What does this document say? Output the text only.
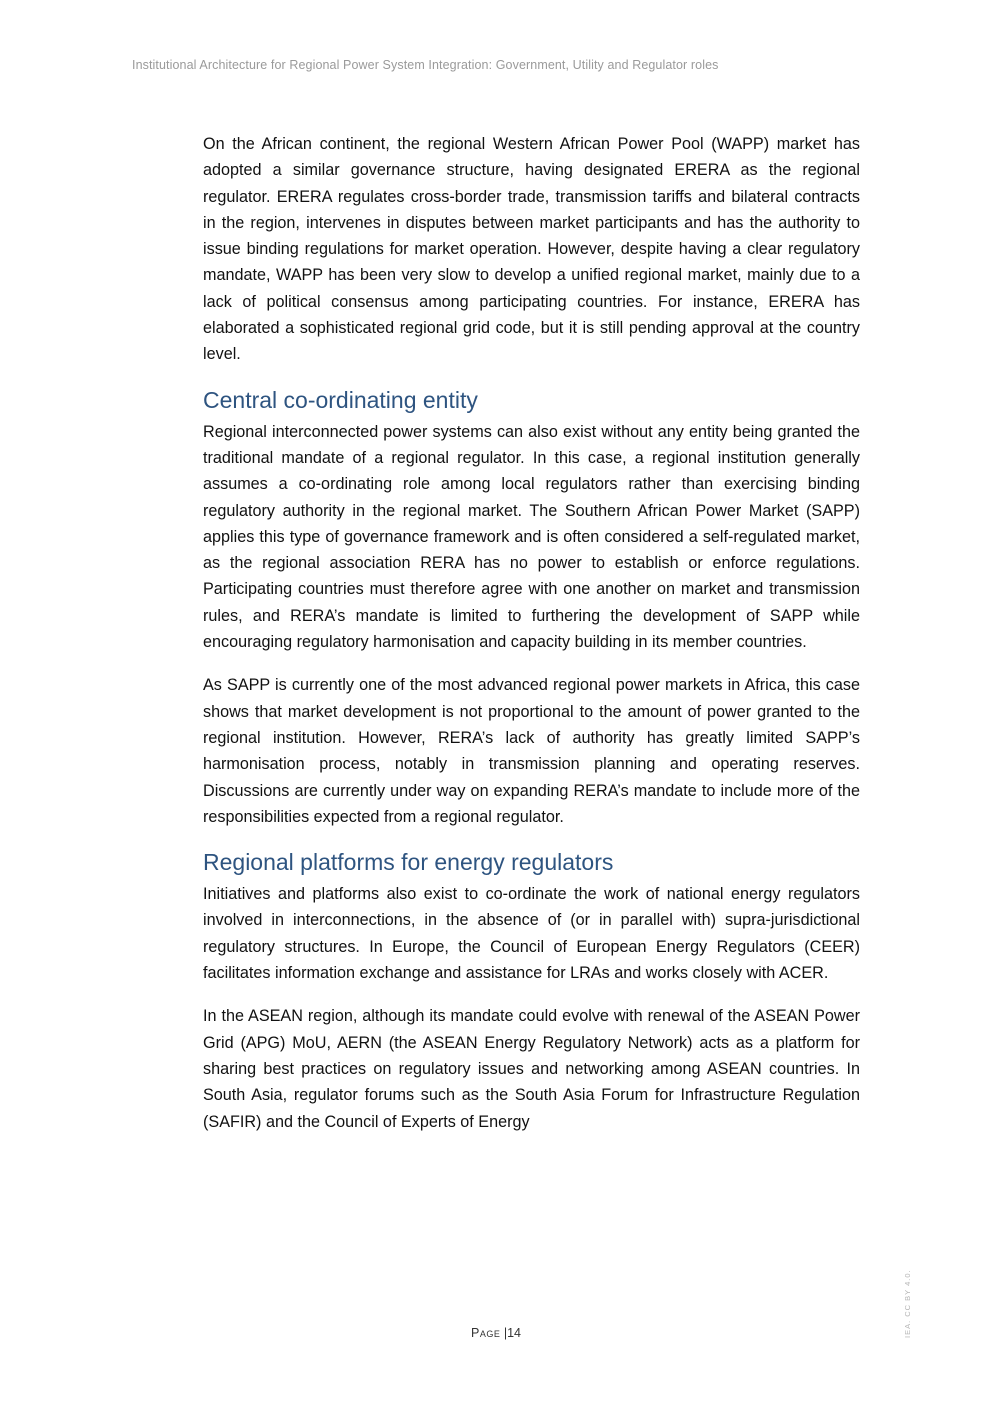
Institutional Architecture for Regional Power System Integration: Government, Utility and Regulator roles

On the African continent, the regional Western African Power Pool (WAPP) market has adopted a similar governance structure, having designated ERERA as the regional regulator. ERERA regulates cross-border trade, transmission tariffs and bilateral contracts in the region, intervenes in disputes between market participants and has the authority to issue binding regulations for market operation. However, despite having a clear regulatory mandate, WAPP has been very slow to develop a unified regional market, mainly due to a lack of political consensus among participating countries. For instance, ERERA has elaborated a sophisticated regional grid code, but it is still pending approval at the country level.

Central co-ordinating entity

Regional interconnected power systems can also exist without any entity being granted the traditional mandate of a regional regulator. In this case, a regional institution generally assumes a co-ordinating role among local regulators rather than exercising binding regulatory authority in the regional market. The Southern African Power Market (SAPP) applies this type of governance framework and is often considered a self-regulated market, as the regional association RERA has no power to establish or enforce regulations. Participating countries must therefore agree with one another on market and transmission rules, and RERA’s mandate is limited to furthering the development of SAPP while encouraging regulatory harmonisation and capacity building in its member countries.

As SAPP is currently one of the most advanced regional power markets in Africa, this case shows that market development is not proportional to the amount of power granted to the regional institution. However, RERA’s lack of authority has greatly limited SAPP’s harmonisation process, notably in transmission planning and operating reserves. Discussions are currently under way on expanding RERA’s mandate to include more of the responsibilities expected from a regional regulator.

Regional platforms for energy regulators

Initiatives and platforms also exist to co-ordinate the work of national energy regulators involved in interconnections, in the absence of (or in parallel with) supra-jurisdictional regulatory structures. In Europe, the Council of European Energy Regulators (CEER) facilitates information exchange and assistance for LRAs and works closely with ACER.

In the ASEAN region, although its mandate could evolve with renewal of the ASEAN Power Grid (APG) MoU, AERN (the ASEAN Energy Regulatory Network) acts as a platform for sharing best practices on regulatory issues and networking among ASEAN countries. In South Asia, regulator forums such as the South Asia Forum for Infrastructure Regulation (SAFIR) and the Council of Experts of Energy

Page |14	IEA. CC BY 4.0.
